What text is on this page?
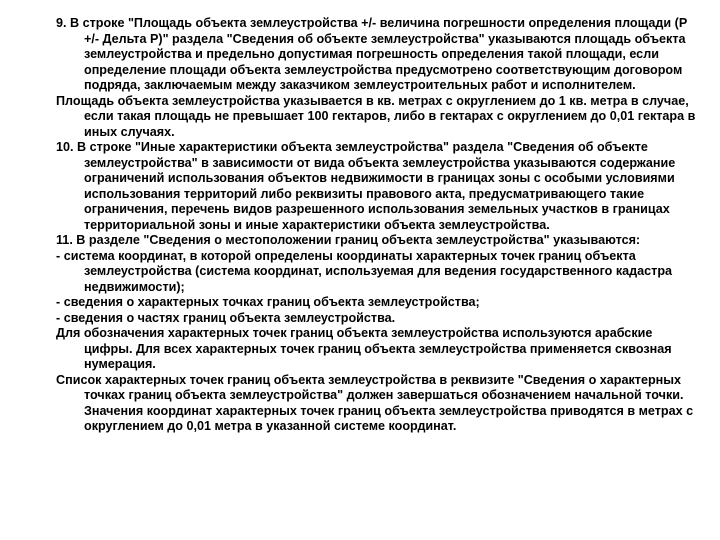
9. В строке "Площадь объекта землеустройства +/- величина погрешности определения площади (P +/- Дельта P)" раздела "Сведения об объекте землеустройства" указываются площадь объекта землеустройства и предельно допустимая погрешность определения такой площади, если определение площади объекта землеустройства предусмотрено соответствующим договором подряда, заключаемым между заказчиком землеустроительных работ и исполнителем.

Площадь объекта землеустройства указывается в кв. метрах с округлением до 1 кв. метра в случае, если такая площадь не превышает 100 гектаров, либо в гектарах с округлением до 0,01 гектара в иных случаях.

10. В строке "Иные характеристики объекта землеустройства" раздела "Сведения об объекте землеустройства" в зависимости от вида объекта землеустройства указываются содержание ограничений использования объектов недвижимости в границах зоны с особыми условиями использования территорий либо реквизиты правового акта, предусматривающего такие ограничения, перечень видов разрешенного использования земельных участков в границах территориальной зоны и иные характеристики объекта землеустройства.

11. В разделе "Сведения о местоположении границ объекта землеустройства" указываются:

- система координат, в которой определены координаты характерных точек границ объекта землеустройства (система координат, используемая для ведения государственного кадастра недвижимости);

- сведения о характерных точках границ объекта землеустройства;

- сведения о частях границ объекта землеустройства.

Для обозначения характерных точек границ объекта землеустройства используются арабские цифры. Для всех характерных точек границ объекта землеустройства применяется сквозная нумерация.

Список характерных точек границ объекта землеустройства в реквизите "Сведения о характерных точках границ объекта землеустройства" должен завершаться обозначением начальной точки. Значения координат характерных точек границ объекта землеустройства приводятся в метрах с округлением до 0,01 метра в указанной системе координат.
